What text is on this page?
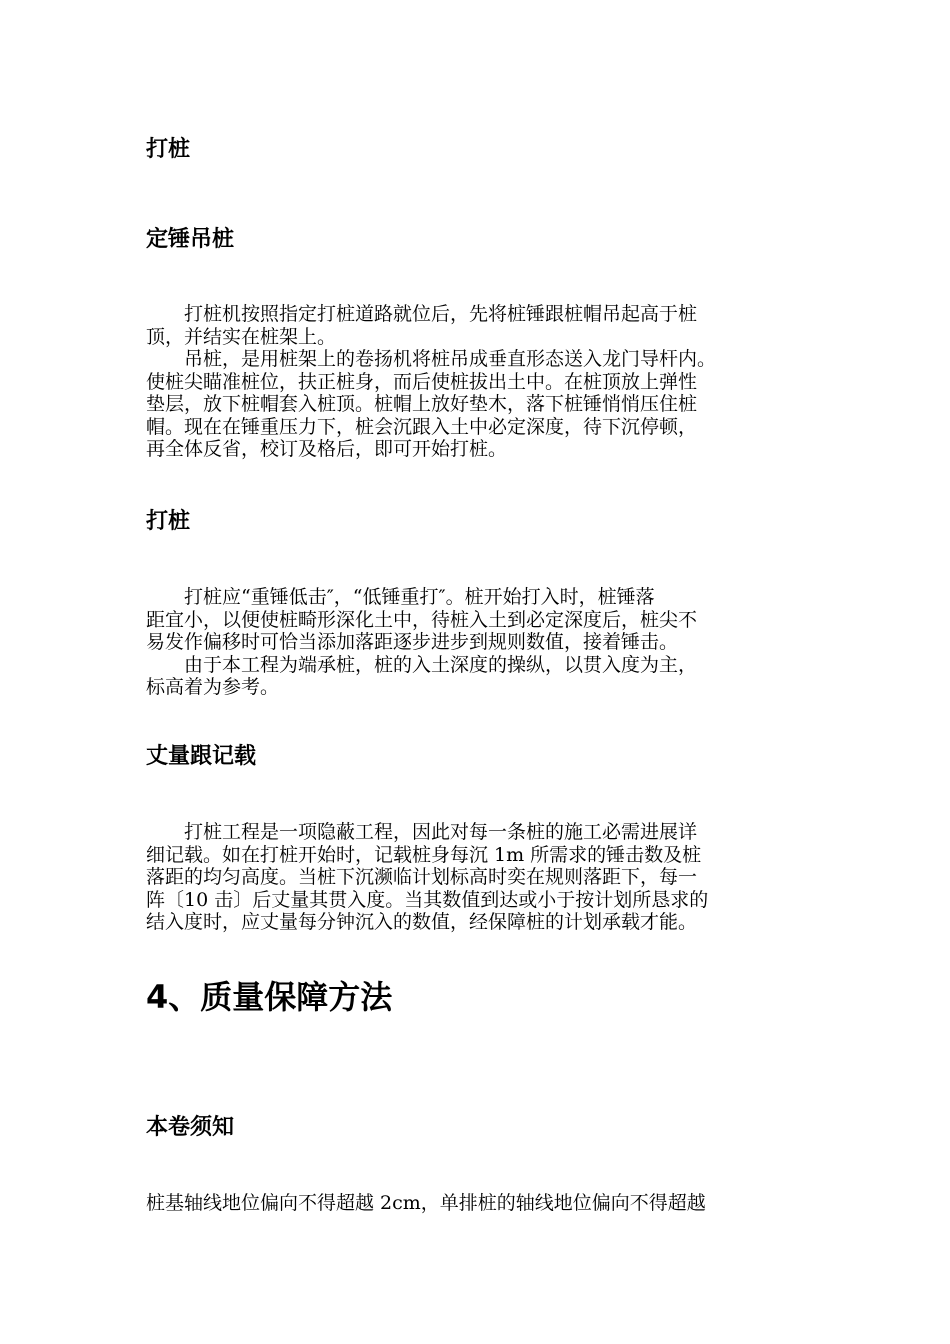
打桩
定锤吊桩
　　打桩机按照指定打桩道路就位后，先将桩锤跟桩帽吊起高于桩
顶，并结实在桩架上。
　　吊桩，是用桩架上的卷扬机将桩吊成垂直形态送入龙门导杆内。
使桩尖瞄准桩位，扶正桩身，而后使桩拔出土中。在桩顶放上弹性
垫层，放下桩帽套入桩顶。桩帽上放好垫木，落下桩锤悄悄压住桩
帽。现在在锤重压力下，桩会沉跟入土中必定深度，待下沉停顿，
再全体反省，校订及格后，即可开始打桩。
打桩
　　打桩应“重锤低击″，“低锤重打″。桩开始打入时，桩锤落
距宜小，以便使桩畸形深化土中，待桩入土到必定深度后，桩尖不
易发作偏移时可恰当添加落距逐步进步到规则数值，接着锤击。
　　由于本工程为端承桩，桩的入土深度的操纵，以贯入度为主，
标高着为参考。
丈量跟记载
　　打桩工程是一项隐蔽工程，因此对每一条桩的施工必需进展详
细记载。如在打桩开始时，记载桩身每沉 1m 所需求的锤击数及桩
落距的均匀高度。当桩下沉濒临计划标高时奕在规则落距下，每一
阵〔10 击〕后丈量其贯入度。当其数值到达或小于按计划所恳求的
结入度时，应丈量每分钟沉入的数值，经保障桩的计划承载才能。
4、质量保障方法
本卷须知
桩基轴线地位偏向不得超越 2cm，单排桩的轴线地位偏向不得超越
